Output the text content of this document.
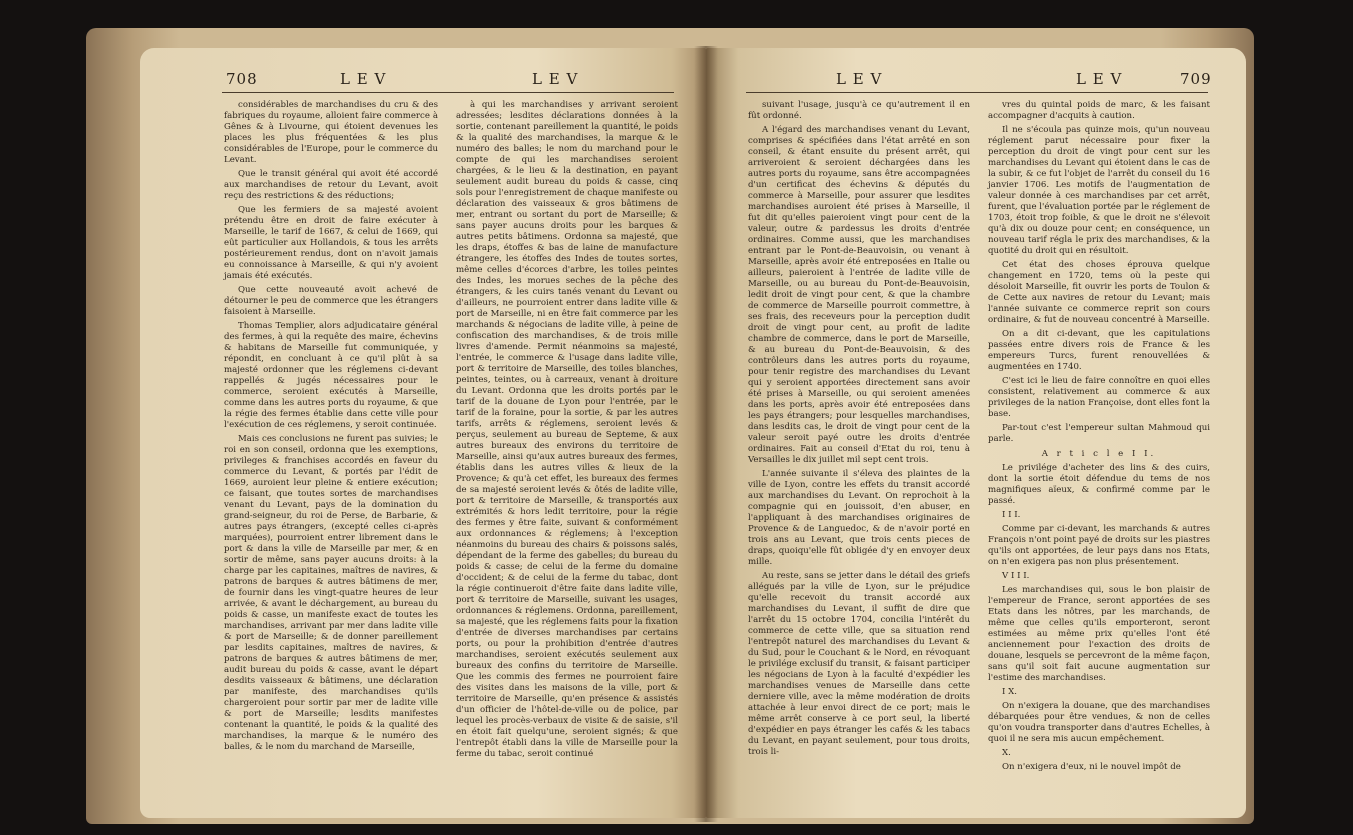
708	L E V	L E V

considérables de marchandises du cru & des fabriques du royaume, alloient faire commerce à Gênes & à Livourne, qui étoient devenues les places les plus fréquentées & les plus considérables de l'Europe, pour le commerce du Levant.

Que le transit général qui avoit été accordé aux marchandises de retour du Levant, avoit reçu des restrictions & des réductions;

Que les fermiers de sa majesté avoient prétendu être en droit de faire exécuter à Marseille, le tarif de 1667, & celui de 1669, qui eût particulier aux Hollandois, & tous les arrêts postérieurement rendus, dont on n'avoit jamais eu connoissance à Marseille, & qui n'y avoient jamais été exécutés.

Que cette nouveauté avoit achevé de détourner le peu de commerce que les étrangers faisoient à Marseille.

Thomas Templier, alors adjudicataire général des fermes, à qui la requête des maire, échevins & habitans de Marseille fut communiquée, y répondit, en concluant à ce qu'il plût à sa majesté ordonner que les réglemens ci-devant rappellés & jugés nécessaires pour le commerce, seroient exécutés à Marseille, comme dans les autres ports du royaume, & que la régie des fermes établie dans cette ville pour l'exécution de ces réglemens, y seroit continuée.

Mais ces conclusions ne furent pas suivies; le roi en son conseil, ordonna que les exemptions, privileges & franchises accordés en faveur du commerce du Levant, & portés par l'édit de 1669, auroient leur pleine & entiere exécution; ce faisant, que toutes sortes de marchandises venant du Levant, pays de la domination du grand-seigneur, du roi de Perse, de Barbarie, & autres pays étrangers, (excepté celles ci-après marquées), pourroient entrer librement dans le port & dans la ville de Marseille par mer, & en sortir de même, sans payer aucuns droits: à la charge par les capitaines, maîtres de navires, & patrons de barques & autres bâtimens de mer, de fournir dans les vingt-quatre heures de leur arrivée, & avant le déchargement, au bureau du poids & casse, un manifeste exact de toutes les marchandises, arrivant par mer dans ladite ville & port de Marseille; & de donner pareillement par lesdits capitaines, maîtres de navires, & patrons de barques & autres bâtimens de mer, audit bureau du poids & casse, avant le départ desdits vaisseaux & bâtimens, une déclaration par manifeste, des marchandises qu'ils chargeroient pour sortir par mer de ladite ville & port de Marseille; lesdits manifestes contenant la quantité, le poids & la qualité des marchandises, la marque & le numéro des balles, & le nom du marchand de Marseille,

à qui les marchandises y arrivant seroient adressées; lesdites déclarations données à la sortie, contenant pareillement la quantité, le poids & la qualité des marchandises, la marque & le numéro des balles; le nom du marchand pour le compte de qui les marchandises seroient chargées, & le lieu & la destination, en payant seulement audit bureau du poids & casse, cinq sols pour l'enregistrement de chaque manifeste ou déclaration des vaisseaux & gros bâtimens de mer, entrant ou sortant du port de Marseille; & sans payer aucuns droits pour les barques & autres petits bâtimens. Ordonna sa majesté, que les draps, étoffes & bas de laine de manufacture étrangere, les étoffes des Indes de toutes sortes, même celles d'écorces d'arbre, les toiles peintes des Indes, les morues seches de la pêche des étrangers, & les cuirs tanés venant du Levant ou d'ailleurs, ne pourroient entrer dans ladite ville & port de Marseille, ni en être fait commerce par les marchands & négocians de ladite ville, à peine de confiscation des marchandises, & de trois mille livres d'amende. Permit néanmoins sa majesté, l'entrée, le commerce & l'usage dans ladite ville, port & territoire de Marseille, des toiles blanches, peintes, teintes, ou à carreaux, venant à droiture du Levant. Ordonna que les droits portés par le tarif de la douane de Lyon pour l'entrée, par le tarif de la foraine, pour la sortie, & par les autres tarifs, arrêts & réglemens, seroient levés & perçus, seulement au bureau de Septeme, & aux autres bureaux des environs du territoire de Marseille, ainsi qu'aux autres bureaux des fermes, établis dans les autres villes & lieux de la Provence; & qu'à cet effet, les bureaux des fermes de sa majesté seroient levés & ôtés de ladite ville, port & territoire de Marseille, & transportés aux extrémités & hors ledit territoire, pour la régie des fermes y être faite, suivant & conformément aux ordonnances & réglemens; à l'exception néanmoins du bureau des chairs & poissons salés, dépendant de la ferme des gabelles; du bureau du poids & casse; de celui de la ferme du domaine d'occident; & de celui de la ferme du tabac, dont la régie continueroit d'être faite dans ladite ville, port & territoire de Marseille, suivant les usages, ordonnances & réglemens. Ordonna, pareillement, sa majesté, que les réglemens faits pour la fixation d'entrée de diverses marchandises par certains ports, ou pour la prohibition d'entrée d'autres marchandises, seroient exécutés seulement aux bureaux des confins du territoire de Marseille. Que les commis des fermes ne pourroient faire des visites dans les maisons de la ville, port & territoire de Marseille, qu'en présence & assistés d'un officier de l'hôtel-de-ville ou de police, par lequel les procès-verbaux de visite & de saisie, s'il en étoit fait quelqu'une, seroient signés; & que l'entrepôt établi dans la ville de Marseille pour la ferme du tabac, seroit continué

L E V	L E V	709

suivant l'usage, jusqu'à ce qu'autrement il en fût ordonné.

A l'égard des marchandises venant du Levant, comprises & spécifiées dans l'état arrêté en son conseil, & étant ensuite du présent arrêt, qui arriveroient & seroient déchargées dans les autres ports du royaume, sans être accompagnées d'un certificat des échevins & députés du commerce à Marseille, pour assurer que lesdites marchandises auroient été prises à Marseille, il fut dit qu'elles paieroient vingt pour cent de la valeur, outre & pardessus les droits d'entrée ordinaires. Comme aussi, que les marchandises entrant par le Pont-de-Beauvoisin, ou venant à Marseille, après avoir été entreposées en Italie ou ailleurs, paieroient à l'entrée de ladite ville de Marseille, ou au bureau du Pont-de-Beauvoisin, ledit droit de vingt pour cent, & que la chambre de commerce de Marseille pourroit commettre, à ses frais, des receveurs pour la perception dudit droit de vingt pour cent, au profit de ladite chambre de commerce, dans le port de Marseille, & au bureau du Pont-de-Beauvoisin, & des contrôleurs dans les autres ports du royaume, pour tenir registre des marchandises du Levant qui y seroient apportées directement sans avoir été prises à Marseille, ou qui seroient amenées dans les ports, après avoir été entreposées dans les pays étrangers; pour lesquelles marchandises, dans lesdits cas, le droit de vingt pour cent de la valeur seroit payé outre les droits d'entrée ordinaires. Fait au conseil d'Etat du roi, tenu à Versailles le dix juillet mil sept cent trois.

L'année suivante il s'éleva des plaintes de la ville de Lyon, contre les effets du transit accordé aux marchandises du Levant. On reprochoit à la compagnie qui en jouissoit, d'en abuser, en l'appliquant à des marchandises originaires de Provence & de Languedoc, & de n'avoir porté en trois ans au Levant, que trois cents pieces de draps, quoiqu'elle fût obligée d'y en envoyer deux mille.

Au reste, sans se jetter dans le détail des griefs allégués par la ville de Lyon, sur le préjudice qu'elle recevoit du transit accordé aux marchandises du Levant, il suffit de dire que l'arrêt du 15 octobre 1704, concilia l'intérêt du commerce de cette ville, que sa situation rend l'entrepôt naturel des marchandises du Levant & du Sud, pour le Couchant & le Nord, en révoquant le privilége exclusif du transit, & faisant participer les négocians de Lyon à la faculté d'expédier les marchandises venues de Marseille dans cette derniere ville, avec la même modération de droits attachée à leur envoi direct de ce port; mais le même arrêt conserve à ce port seul, la liberté d'expédier en pays étranger les cafés & les tabacs du Levant, en payant seulement, pour tous droits, trois li-

vres du quintal poids de marc, & les faisant accompagner d'acquits à caution.

Il ne s'écoula pas quinze mois, qu'un nouveau réglement parut nécessaire pour fixer la perception du droit de vingt pour cent sur les marchandises du Levant qui étoient dans le cas de la subir, & ce fut l'objet de l'arrêt du conseil du 16 janvier 1706. Les motifs de l'augmentation de valeur donnée à ces marchandises par cet arrêt, furent, que l'évaluation portée par le réglement de 1703, étoit trop foible, & que le droit ne s'élevoit qu'à dix ou douze pour cent; en conséquence, un nouveau tarif régla le prix des marchandises, & la quotité du droit qui en résultoit.

Cet état des choses éprouva quelque changement en 1720, tems où la peste qui désoloit Marseille, fit ouvrir les ports de Toulon & de Cette aux navires de retour du Levant; mais l'année suivante ce commerce reprit son cours ordinaire, & fut de nouveau concentré à Marseille.

On a dit ci-devant, que les capitulations passées entre divers rois de France & les empereurs Turcs, furent renouvellées & augmentées en 1740.

C'est ici le lieu de faire connoître en quoi elles consistent, relativement au commerce & aux privileges de la nation Françoise, dont elles font la base.

Par-tout c'est l'empereur sultan Mahmoud qui parle.

A r t i c l e I I.

Le privilége d'acheter des lins & des cuirs, dont la sortie étoit défendue du tems de nos magnifiques aïeux, & confirmé comme par le passé.

I I I.

Comme par ci-devant, les marchands & autres François n'ont point payé de droits sur les piastres qu'ils ont apportées, de leur pays dans nos Etats, on n'en exigera pas non plus présentement.

V I I I.

Les marchandises qui, sous le bon plaisir de l'empereur de France, seront apportées de ses Etats dans les nôtres, par les marchands, de même que celles qu'ils emporteront, seront estimées au même prix qu'elles l'ont été anciennement pour l'exaction des droits de douane, lesquels se percevront de la même façon, sans qu'il soit fait aucune augmentation sur l'estime des marchandises.

I X.

On n'exigera la douane, que des marchandises débarquées pour être vendues, & non de celles qu'on voudra transporter dans d'autres Echelles, à quoi il ne sera mis aucun empêchement.

X.

On n'exigera d'eux, ni le nouvel impôt de
